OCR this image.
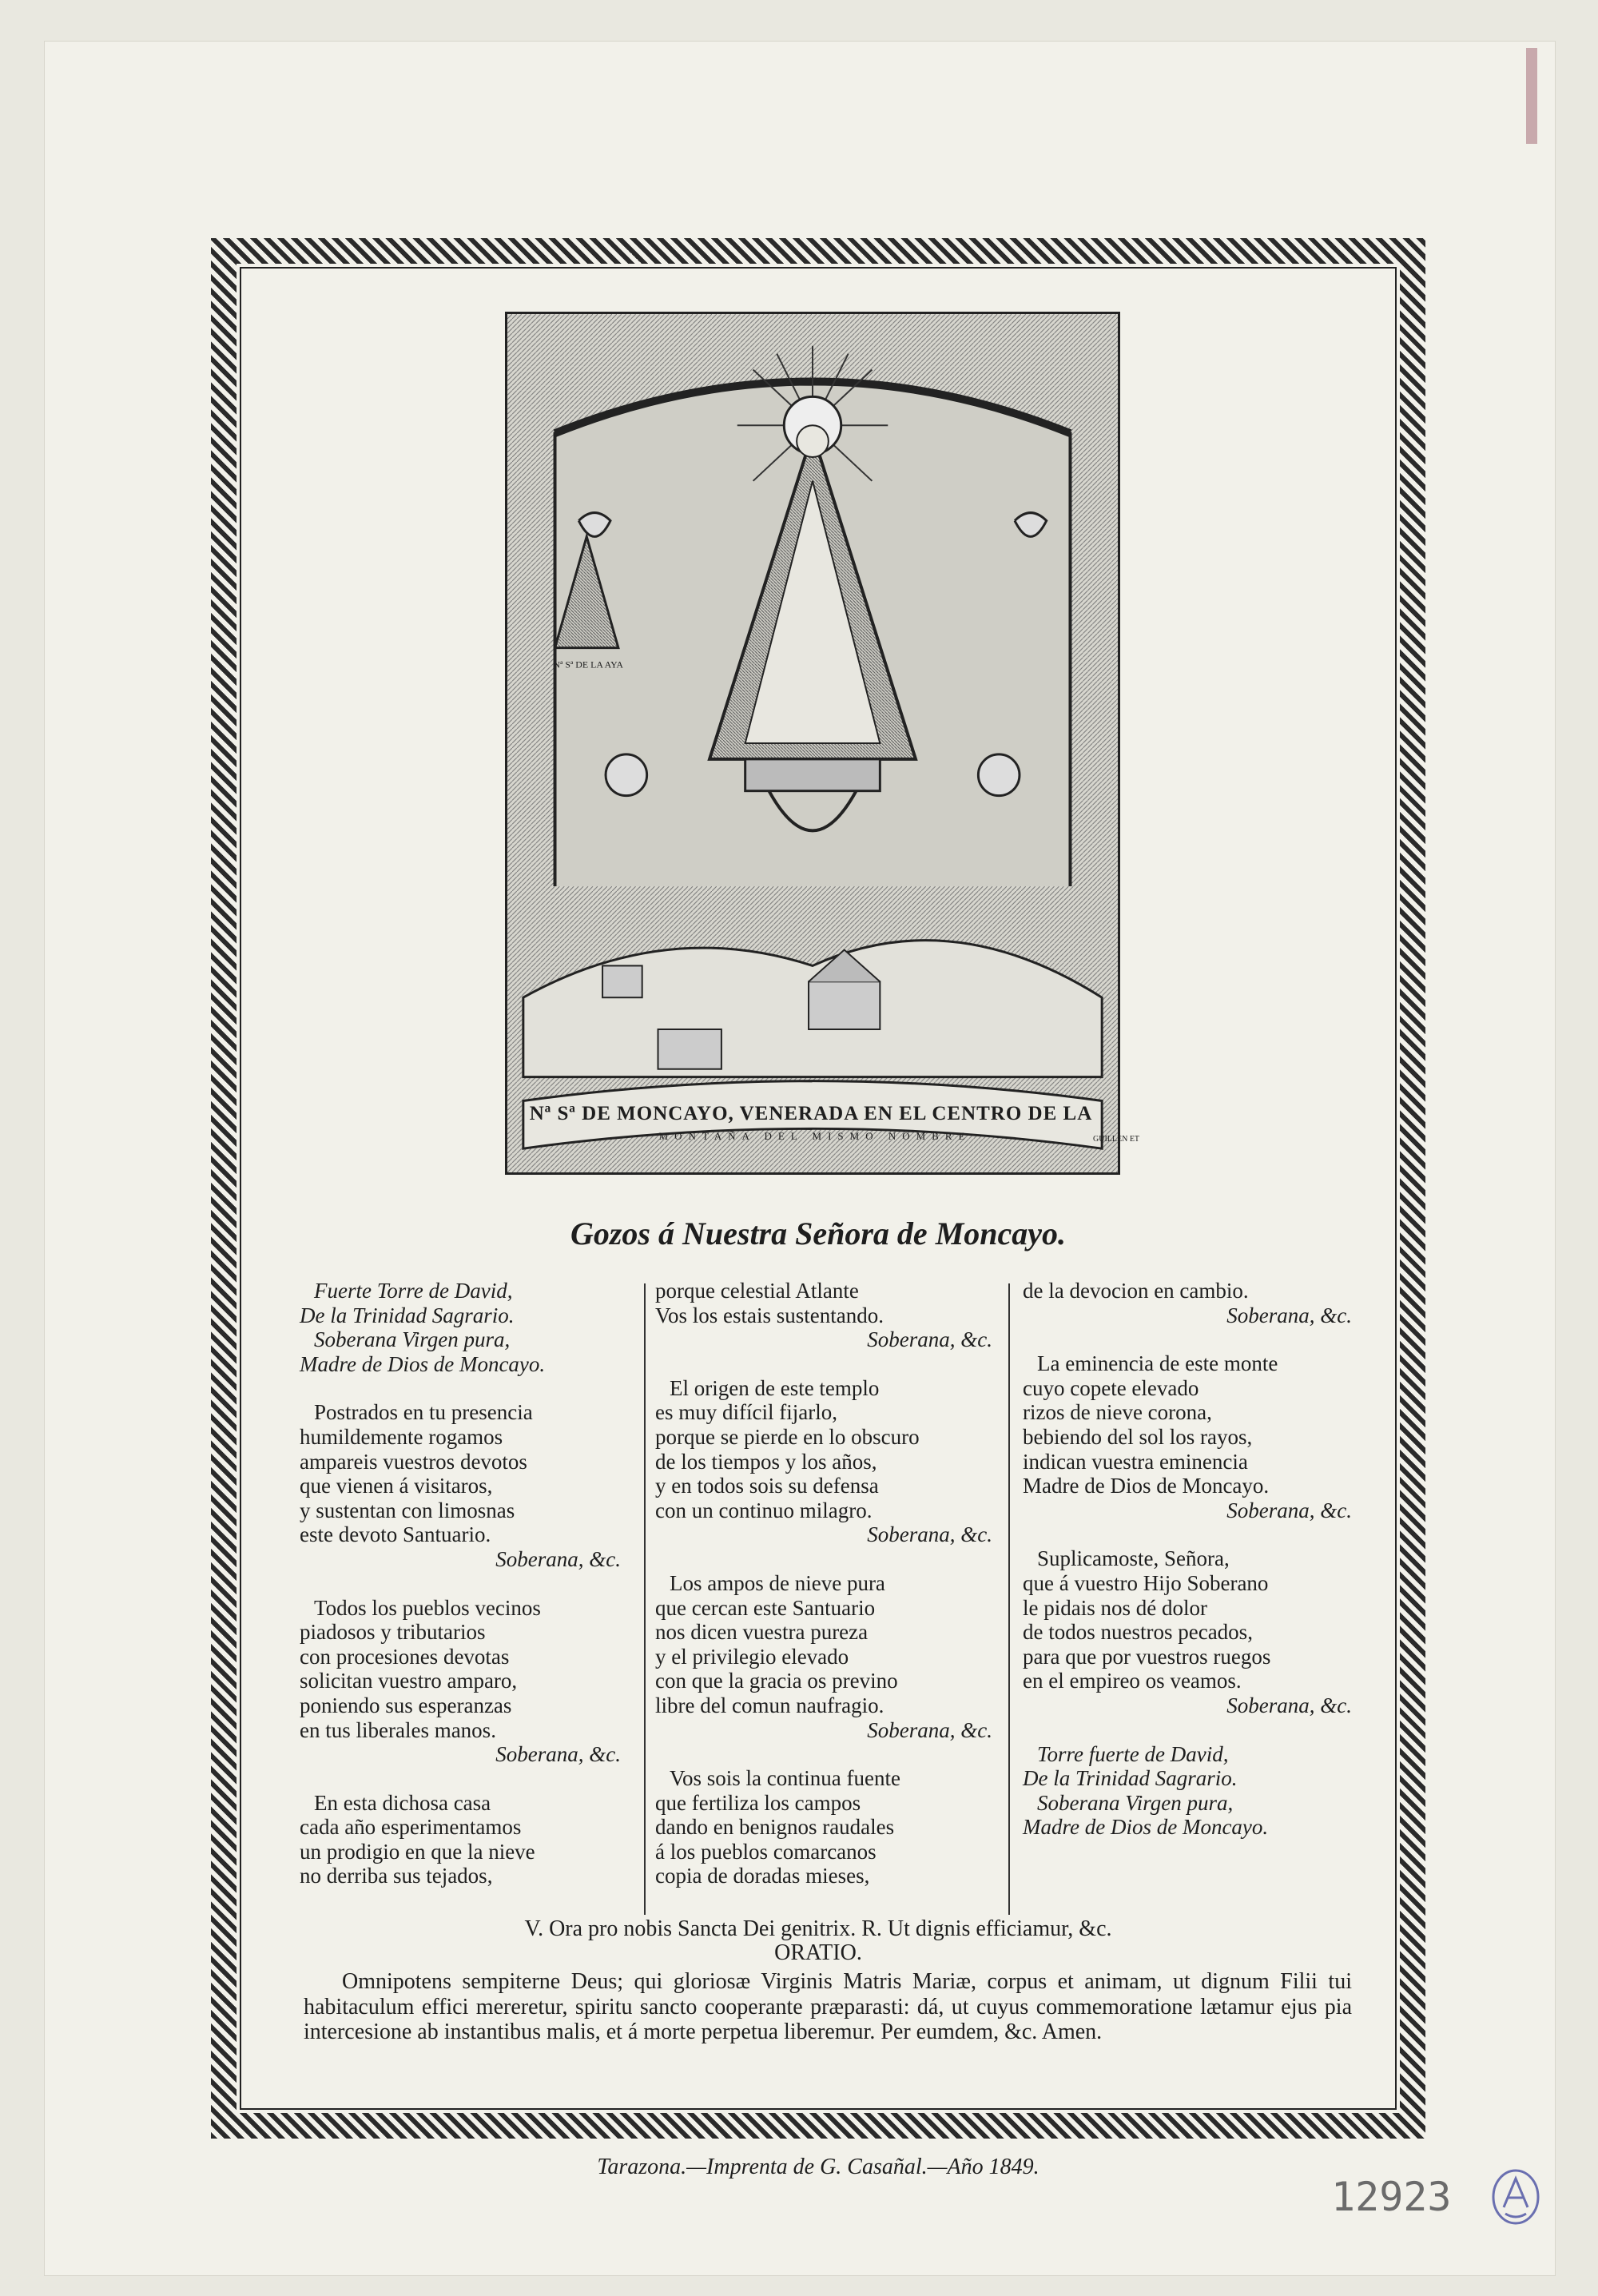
Nª Sª DE LA AYA
Nª Sª DE MONCAYO, VENERADA EN EL CENTRO DE LA
MONTAÑA DEL MISMO NOMBRE	GUILLEN ET
Gozos á Nuestra Señora de Moncayo.
Fuerte Torre de David,
De la Trinidad Sagrario.
Soberana Virgen pura,
Madre de Dios de Moncayo.
Postrados en tu presencia
humildemente rogamos
ampareis vuestros devotos
que vienen á visitaros,
y sustentan con limosnas
este devoto Santuario.
Soberana, &c.
Todos los pueblos vecinos
piadosos y tributarios
con procesiones devotas
solicitan vuestro amparo,
poniendo sus esperanzas
en tus liberales manos.
Soberana, &c.
En esta dichosa casa
cada año esperimentamos
un prodigio en que la nieve
no derriba sus tejados,
porque celestial Atlante
Vos los estais sustentando.
Soberana, &c.
El origen de este templo
es muy difícil fijarlo,
porque se pierde en lo obscuro
de los tiempos y los años,
y en todos sois su defensa
con un continuo milagro.
Soberana, &c.
Los ampos de nieve pura
que cercan este Santuario
nos dicen vuestra pureza
y el privilegio elevado
con que la gracia os previno
libre del comun naufragio.
Soberana, &c.
Vos sois la continua fuente
que fertiliza los campos
dando en benignos raudales
á los pueblos comarcanos
copia de doradas mieses,
de la devocion en cambio.
Soberana, &c.
La eminencia de este monte
cuyo copete elevado
rizos de nieve corona,
bebiendo del sol los rayos,
indican vuestra eminencia
Madre de Dios de Moncayo.
Soberana, &c.
Suplicamoste, Señora,
que á vuestro Hijo Soberano
le pidais nos dé dolor
de todos nuestros pecados,
para que por vuestros ruegos
en el empireo os veamos.
Soberana, &c.
Torre fuerte de David,
De la Trinidad Sagrario.
Soberana Virgen pura,
Madre de Dios de Moncayo.
V. Ora pro nobis Sancta Dei genitrix. R. Ut dignis efficiamur, &c.
ORATIO.
Omnipotens sempiterne Deus; qui gloriosæ Virginis Matris Mariæ, corpus et animam, ut dignum Filii tui habitaculum effici mereretur, spiritu sancto cooperante præparasti: dá, ut cuyus commemoratione lætamur ejus pia intercesione ab instantibus malis, et á morte perpetua liberemur. Per eumdem, &c. Amen.
Tarazona.—Imprenta de G. Casañal.—Año 1849.
12923
